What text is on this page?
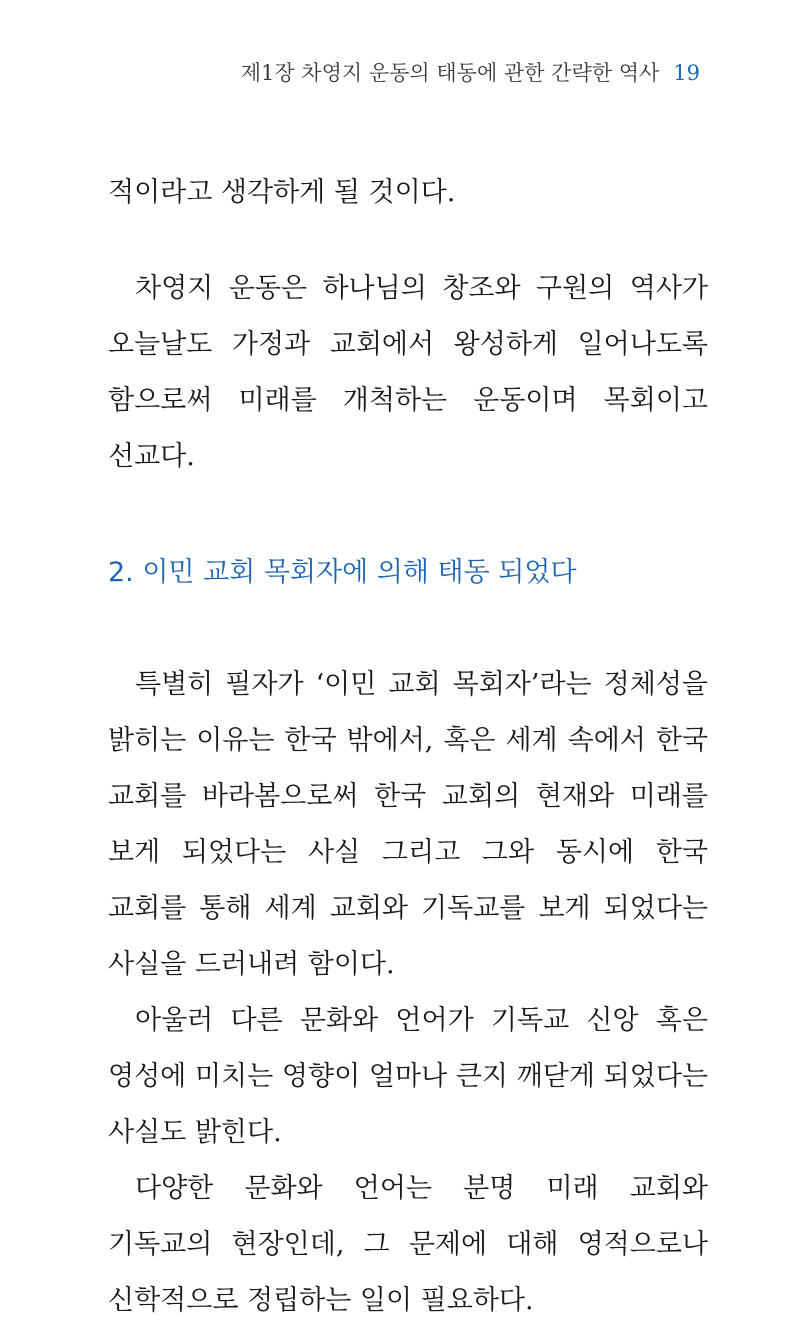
제1장 차영지 운동의 태동에 관한 간략한 역사 19

적이라고 생각하게 될 것이다.

차영지 운동은 하나님의 창조와 구원의 역사가 오늘날도 가정과 교회에서 왕성하게 일어나도록 함으로써 미래를 개척하는 운동이며 목회이고 선교다.

2. 이민 교회 목회자에 의해 태동 되었다

특별히 필자가 ‘이민 교회 목회자’라는 정체성을 밝히는 이유는 한국 밖에서, 혹은 세계 속에서 한국 교회를 바라봄으로써 한국 교회의 현재와 미래를 보게 되었다는 사실 그리고 그와 동시에 한국 교회를 통해 세계 교회와 기독교를 보게 되었다는 사실을 드러내려 함이다.

아울러 다른 문화와 언어가 기독교 신앙 혹은 영성에 미치는 영향이 얼마나 큰지 깨닫게 되었다는 사실도 밝힌다.

다양한 문화와 언어는 분명 미래 교회와 기독교의 현장인데, 그 문제에 대해 영적으로나 신학적으로 정립하는 일이 필요하다.
